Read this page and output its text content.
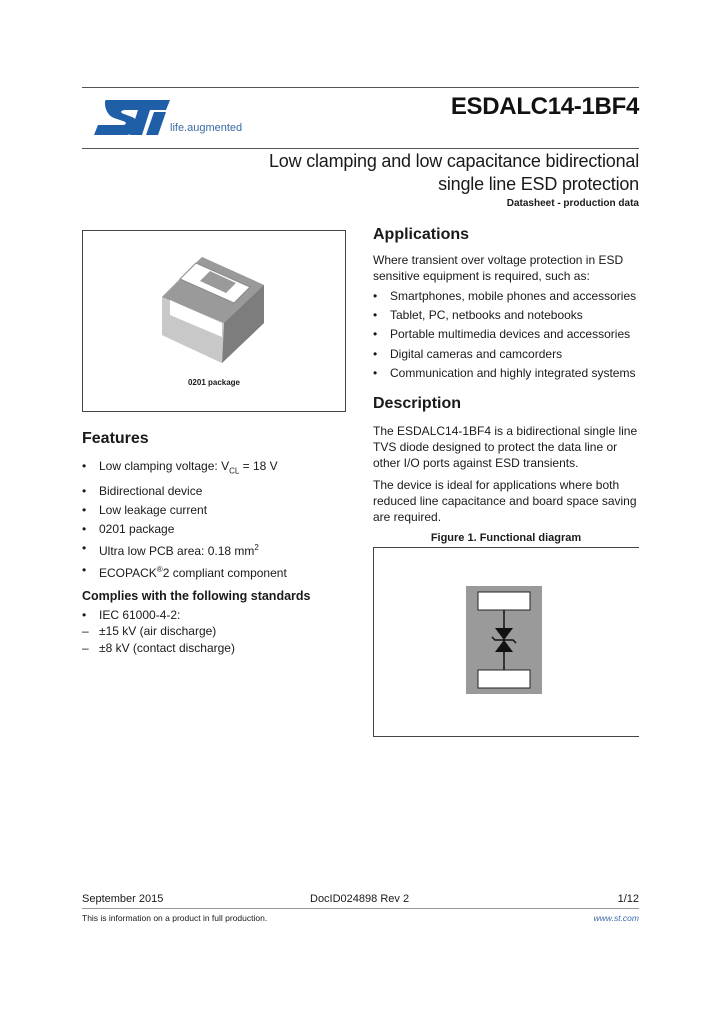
life.augmented
ESDALC14-1BF4
Low clamping and low capacitance bidirectional
single line ESD protection
Datasheet - production data
0201 package
Features
• Low clamping voltage: $V_{CL} = 18$ V
• Bidirectional device
• Low leakage current
• 0201 package
• Ultra low PCB area: 0.18 $mm^2$
• ECOPACK®2 compliant component
Complies with the following standards
• IEC 61000-4-2:
– ±15 kV (air discharge)
– ±8 kV (contact discharge)
Applications
Where transient over voltage protection in ESD sensitive equipment is required, such as:
• Smartphones, mobile phones and accessories
• Tablet, PC, netbooks and notebooks
• Portable multimedia devices and accessories
• Digital cameras and camcorders
• Communication and highly integrated systems
Description
The ESDALC14-1BF4 is a bidirectional single line TVS diode designed to protect the data line or other I/O ports against ESD transients.
The device is ideal for applications where both reduced line capacitance and board space saving are required.
Figure 1. Functional diagram
September 2015	DocID024898 Rev 2	1/12
This is information on a product in full production.	www.st.com
